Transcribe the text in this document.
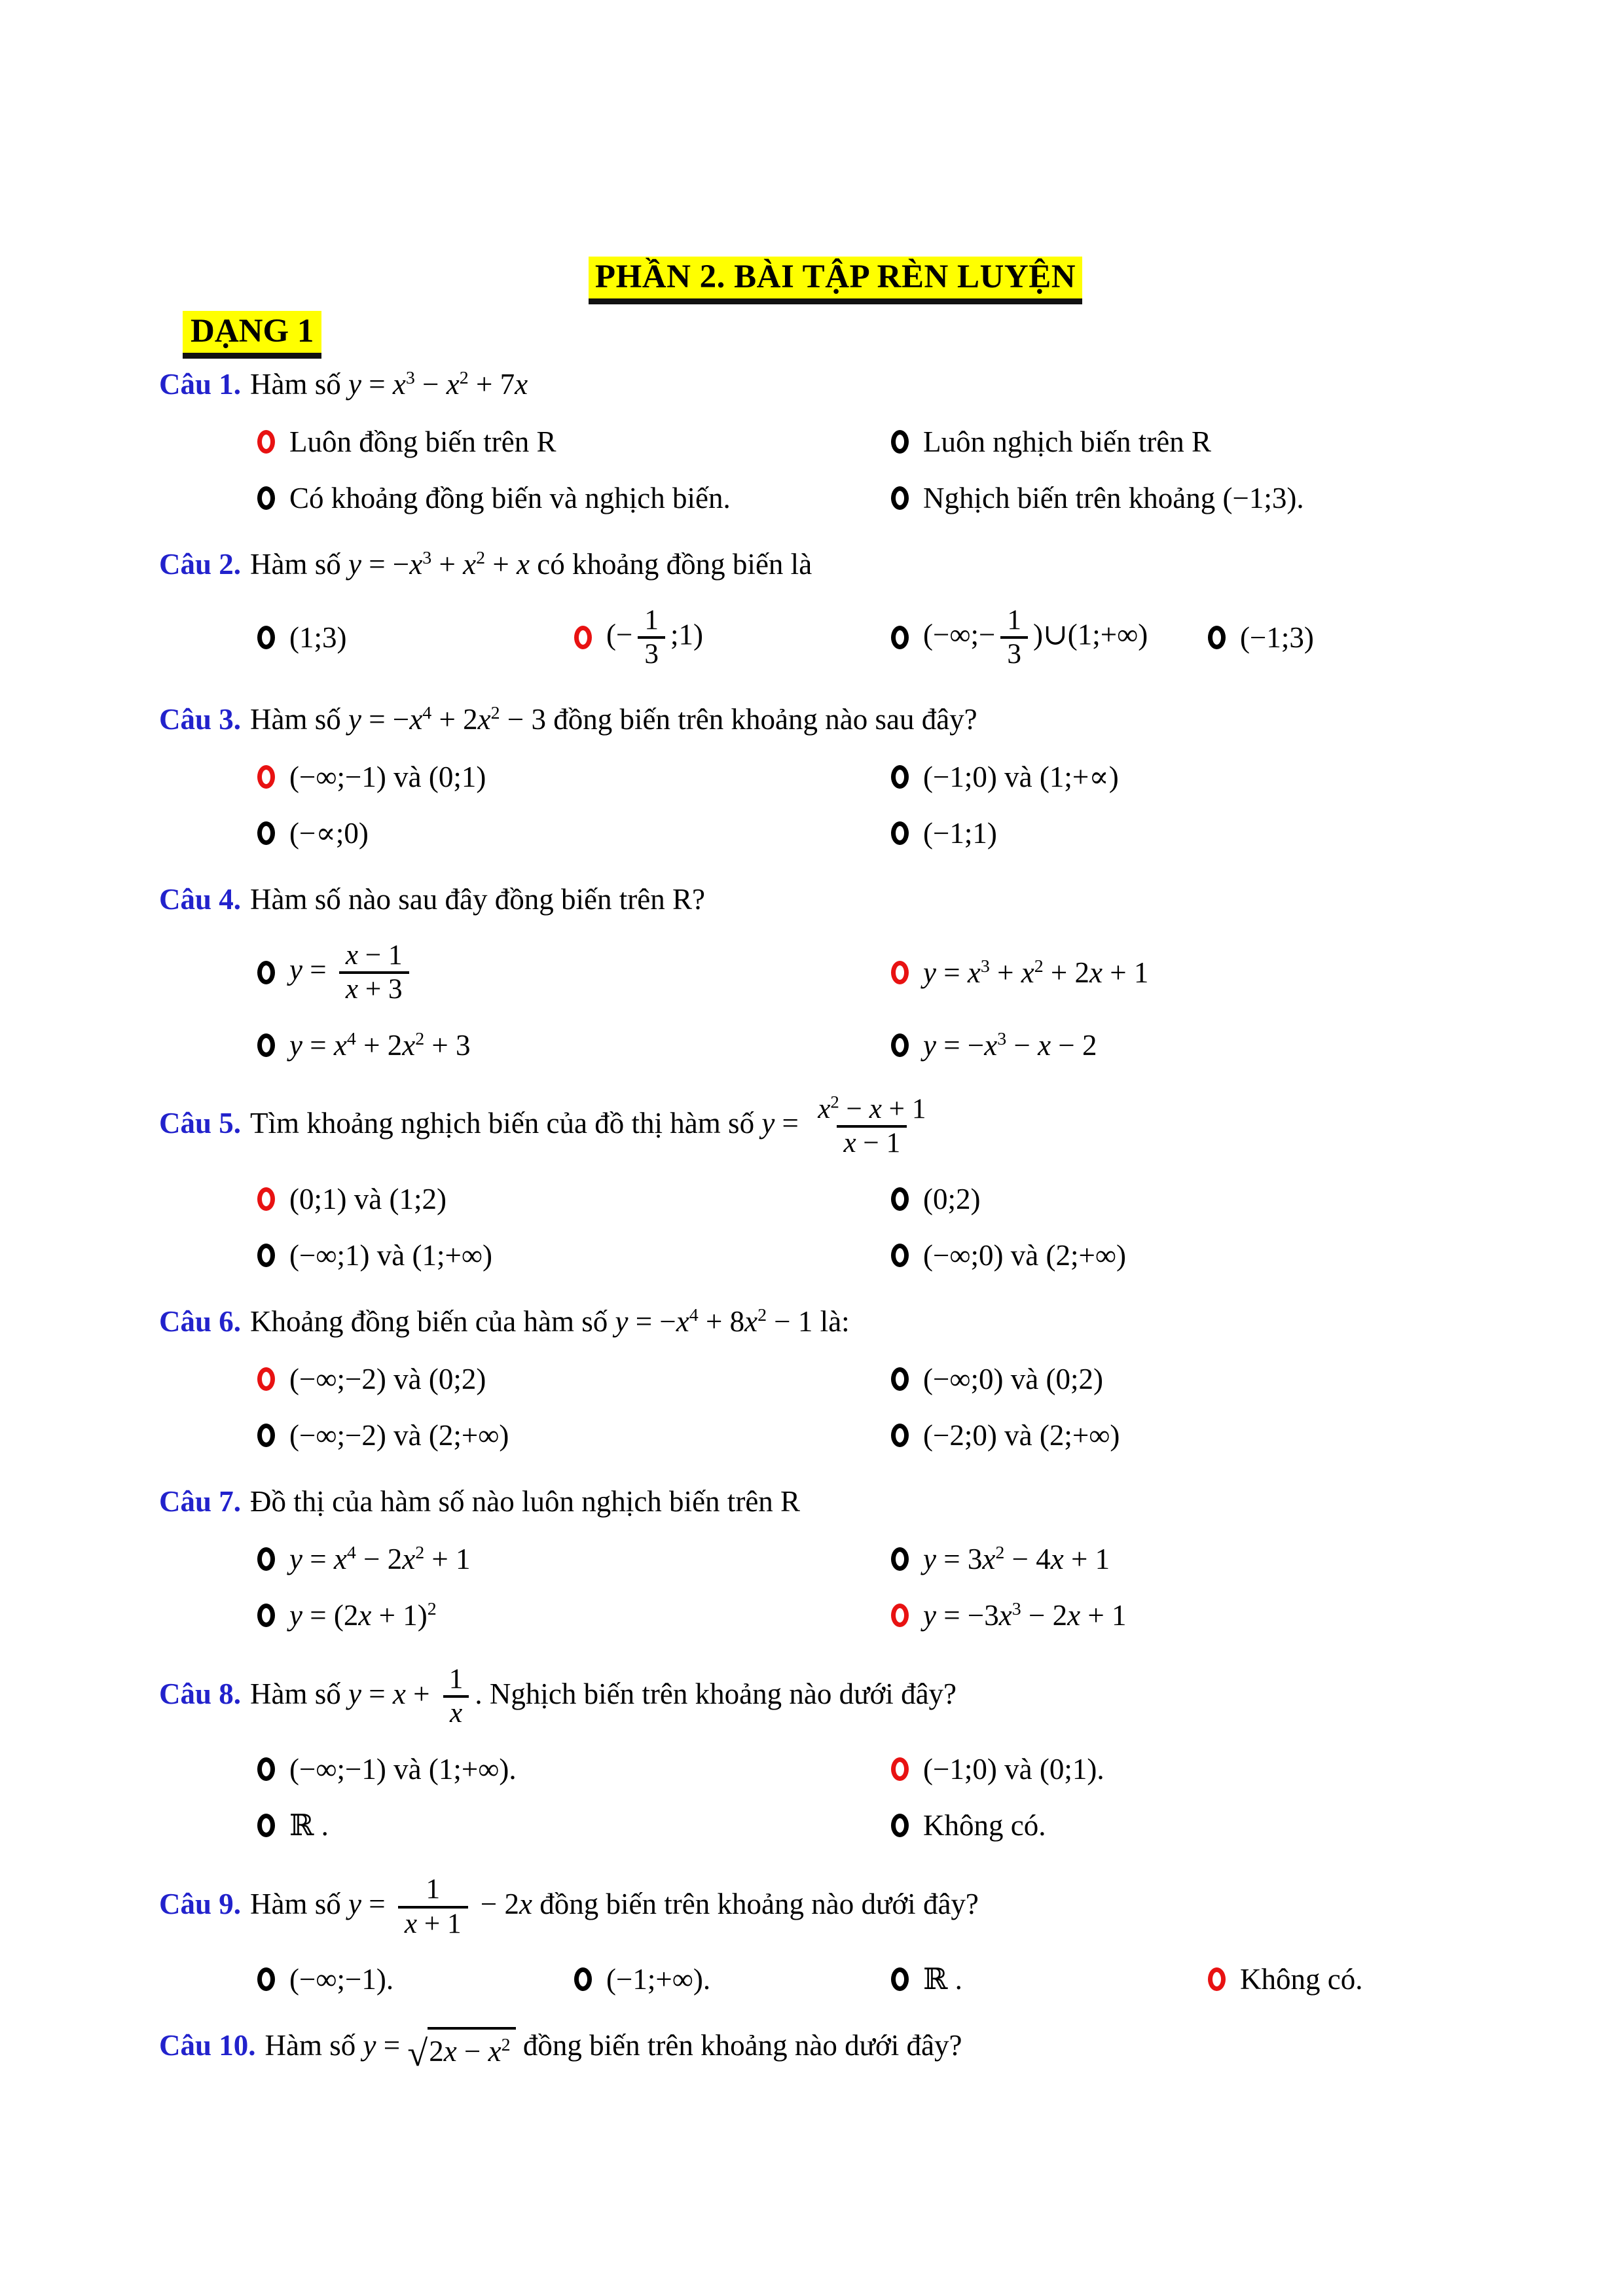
PHẦN 2. BÀI TẬP RÈN LUYỆN
DẠNG 1

Câu 1. Hàm số $y = x^3 - x^2 + 7x$

Luôn đồng biến trên R	Luôn nghịch biến trên R
Có khoảng đồng biến và nghịch biến.	Nghịch biến trên khoảng (−1;3).

Câu 2. Hàm số $y = -x^3 + x^2 + x$ có khoảng đồng biến là

(1;3)	(− $\frac{1}{3}$ ;1)	(−∞;− $\frac{1}{3}$ )∪(1;+∞)	(−1;3)

Câu 3. Hàm số $y = -x^4 + 2x^2 - 3$ đồng biến trên khoảng nào sau đây?

(−∞;−1) và (0;1)	(−1;0) và (1;+∝)
(−∝;0)	(−1;1)

Câu 4. Hàm số nào sau đây đồng biến trên R?

$y = \frac{x - 1}{x + 3}$	$y = x^3 + x^2 + 2x + 1$
$y = x^4 + 2x^2 + 3$	$y = -x^3 - x - 2$

Câu 5. Tìm khoảng nghịch biến của đồ thị hàm số $y = \frac{x^2 - x + 1}{x - 1}$

(0;1) và (1;2)	(0;2)
(−∞;1) và (1;+∞)	(−∞;0) và (2;+∞)

Câu 6. Khoảng đồng biến của hàm số $y = -x^4 + 8x^2 - 1$ là:

(−∞;−2) và (0;2)	(−∞;0) và (0;2)
(−∞;−2) và (2;+∞)	(−2;0) và (2;+∞)

Câu 7. Đồ thị của hàm số nào luôn nghịch biến trên R

$y = x^4 - 2x^2 + 1$	$y = 3x^2 - 4x + 1$
$y = (2x + 1)^2$	$y = -3x^3 - 2x + 1$

Câu 8. Hàm số $y = x + \frac{1}{x}$ . Nghịch biến trên khoảng nào dưới đây?

(−∞;−1) và (1;+∞).	(−1;0) và (0;1).
ℝ .	Không có.

Câu 9. Hàm số $y = \frac{1}{x + 1} - 2x$ đồng biến trên khoảng nào dưới đây?

(−∞;−1).	(−1;+∞).	ℝ .	Không có.

Câu 10. Hàm số y = √ $2x - x^2$ đồng biến trên khoảng nào dưới đây?
